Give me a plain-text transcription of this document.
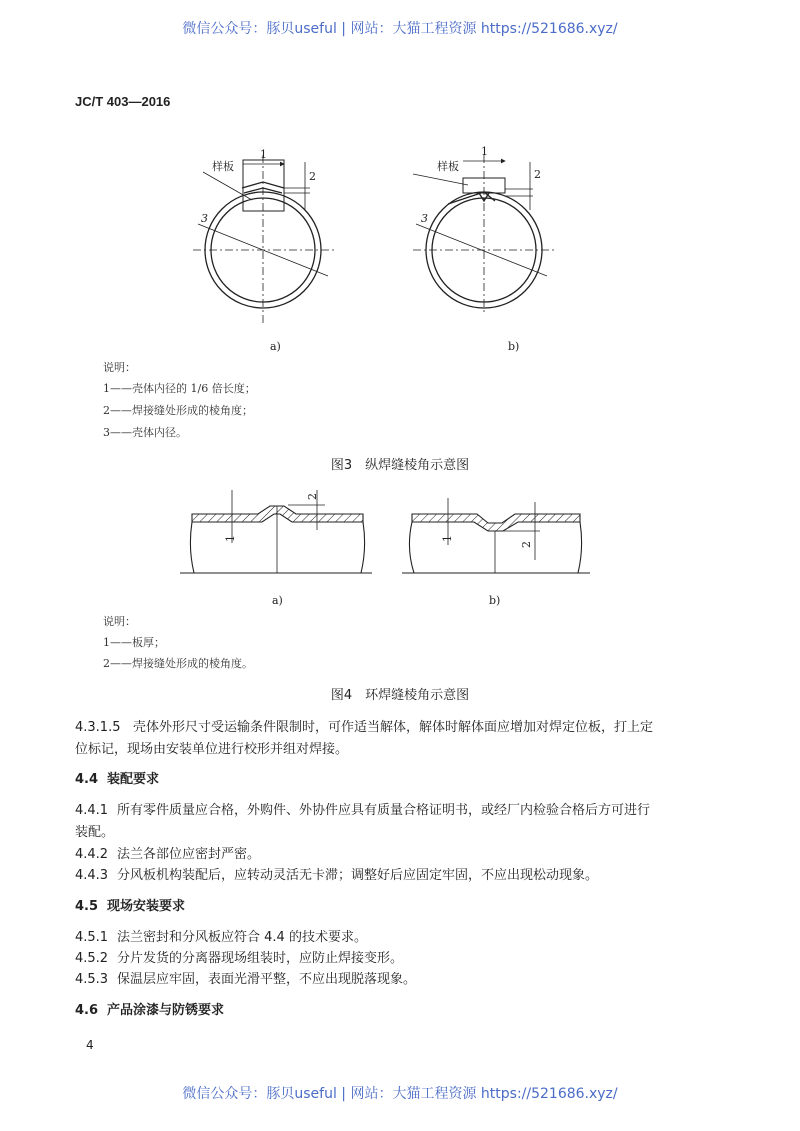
微信公众号：豚贝useful | 网站：大猫工程资源 https://521686.xyz/
JC/T 403—2016
样板
1
2
3
a)
样板
1
2
3
b)
1
2
a)
1
2
b)
说明：
1——壳体内径的 1/6 倍长度；
2——焊接缝处形成的棱角度；
3——壳体内径。
图3　纵焊缝棱角示意图
说明：
1——板厚；
2——焊接缝处形成的棱角度。
图4　环焊缝棱角示意图
4.3.1.5 壳体外形尺寸受运输条件限制时，可作适当解体，解体时解体面应增加对焊定位板，打上定
位标记，现场由安装单位进行校形并组对焊接。
4.4 装配要求
4.4.1 所有零件质量应合格，外购件、外协件应具有质量合格证明书，或经厂内检验合格后方可进行
装配。
4.4.2 法兰各部位应密封严密。
4.4.3 分风板机构装配后，应转动灵活无卡滞；调整好后应固定牢固，不应出现松动现象。
4.5 现场安装要求
4.5.1 法兰密封和分风板应符合 4.4 的技术要求。
4.5.2 分片发货的分离器现场组装时，应防止焊接变形。
4.5.3 保温层应牢固，表面光滑平整，不应出现脱落现象。
4.6 产品涂漆与防锈要求
4
微信公众号：豚贝useful | 网站：大猫工程资源 https://521686.xyz/
